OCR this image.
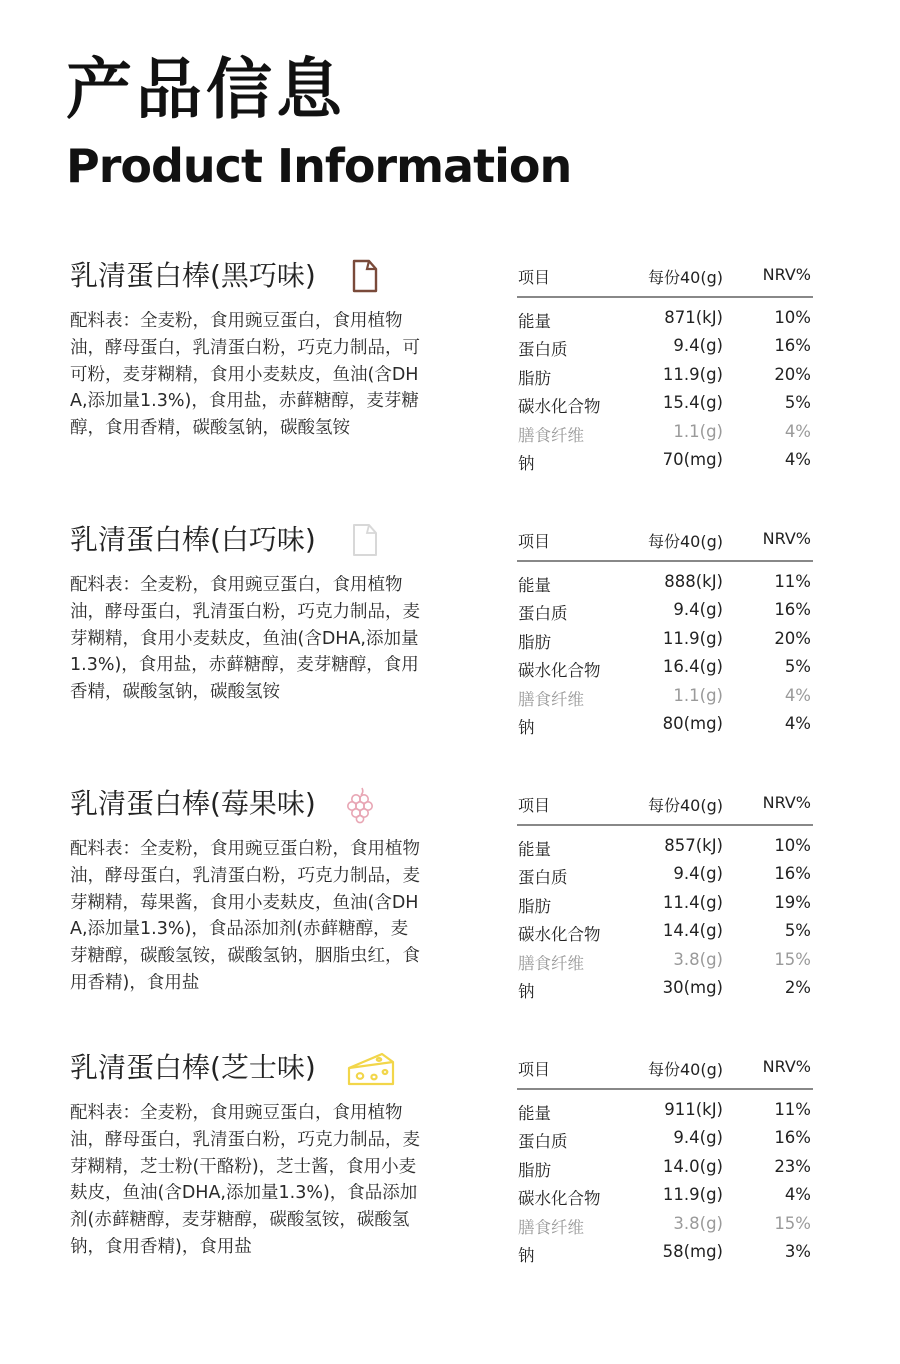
产品信息
Product Information
乳清蛋白棒(黑巧味)

配料表：全麦粉，食用豌豆蛋白，食用植物油，酵母蛋白，乳清蛋白粉，巧克力制品，可可粉，麦芽糊精，食用小麦麸皮，鱼油(含DHA,添加量1.3%)，食用盐，赤藓糖醇，麦芽糖醇，食用香精，碳酸氢钠，碳酸氢铵

项目	每份40(g) NRV%
能量	871(kJ)	10%
蛋白质	9.4(g)	16%
脂肪	11.9(g)	20%
碳水化合物	15.4(g)	5%
膳食纤维	1.1(g)	4%
钠	70(mg)	4%
乳清蛋白棒(白巧味)

配料表：全麦粉，食用豌豆蛋白，食用植物油，酵母蛋白，乳清蛋白粉，巧克力制品，麦芽糊精，食用小麦麸皮，鱼油(含DHA,添加量1.3%)，食用盐，赤藓糖醇，麦芽糖醇，食用香精，碳酸氢钠，碳酸氢铵

项目	每份40(g) NRV%
能量	888(kJ)	11%
蛋白质	9.4(g)	16%
脂肪	11.9(g)	20%
碳水化合物	16.4(g)	5%
膳食纤维	1.1(g)	4%
钠	80(mg)	4%
乳清蛋白棒(莓果味)

配料表：全麦粉，食用豌豆蛋白粉，食用植物油，酵母蛋白，乳清蛋白粉，巧克力制品，麦芽糊精，莓果酱，食用小麦麸皮，鱼油(含DHA,添加量1.3%)，食品添加剂(赤藓糖醇，麦芽糖醇，碳酸氢铵，碳酸氢钠，胭脂虫红，食用香精)，食用盐

项目	每份40(g) NRV%
能量	857(kJ)	10%
蛋白质	9.4(g)	16%
脂肪	11.4(g)	19%
碳水化合物	14.4(g)	5%
膳食纤维	3.8(g)	15%
钠	30(mg)	2%
乳清蛋白棒(芝士味)

配料表：全麦粉，食用豌豆蛋白，食用植物油，酵母蛋白，乳清蛋白粉，巧克力制品，麦芽糊精，芝士粉(干酪粉)，芝士酱，食用小麦麸皮，鱼油(含DHA,添加量1.3%)，食品添加剂(赤藓糖醇，麦芽糖醇，碳酸氢铵，碳酸氢钠，食用香精)，食用盐

项目	每份40(g) NRV%
能量	911(kJ)	11%
蛋白质	9.4(g)	16%
脂肪	14.0(g)	23%
碳水化合物	11.9(g)	4%
膳食纤维	3.8(g)	15%
钠	58(mg)	3%
